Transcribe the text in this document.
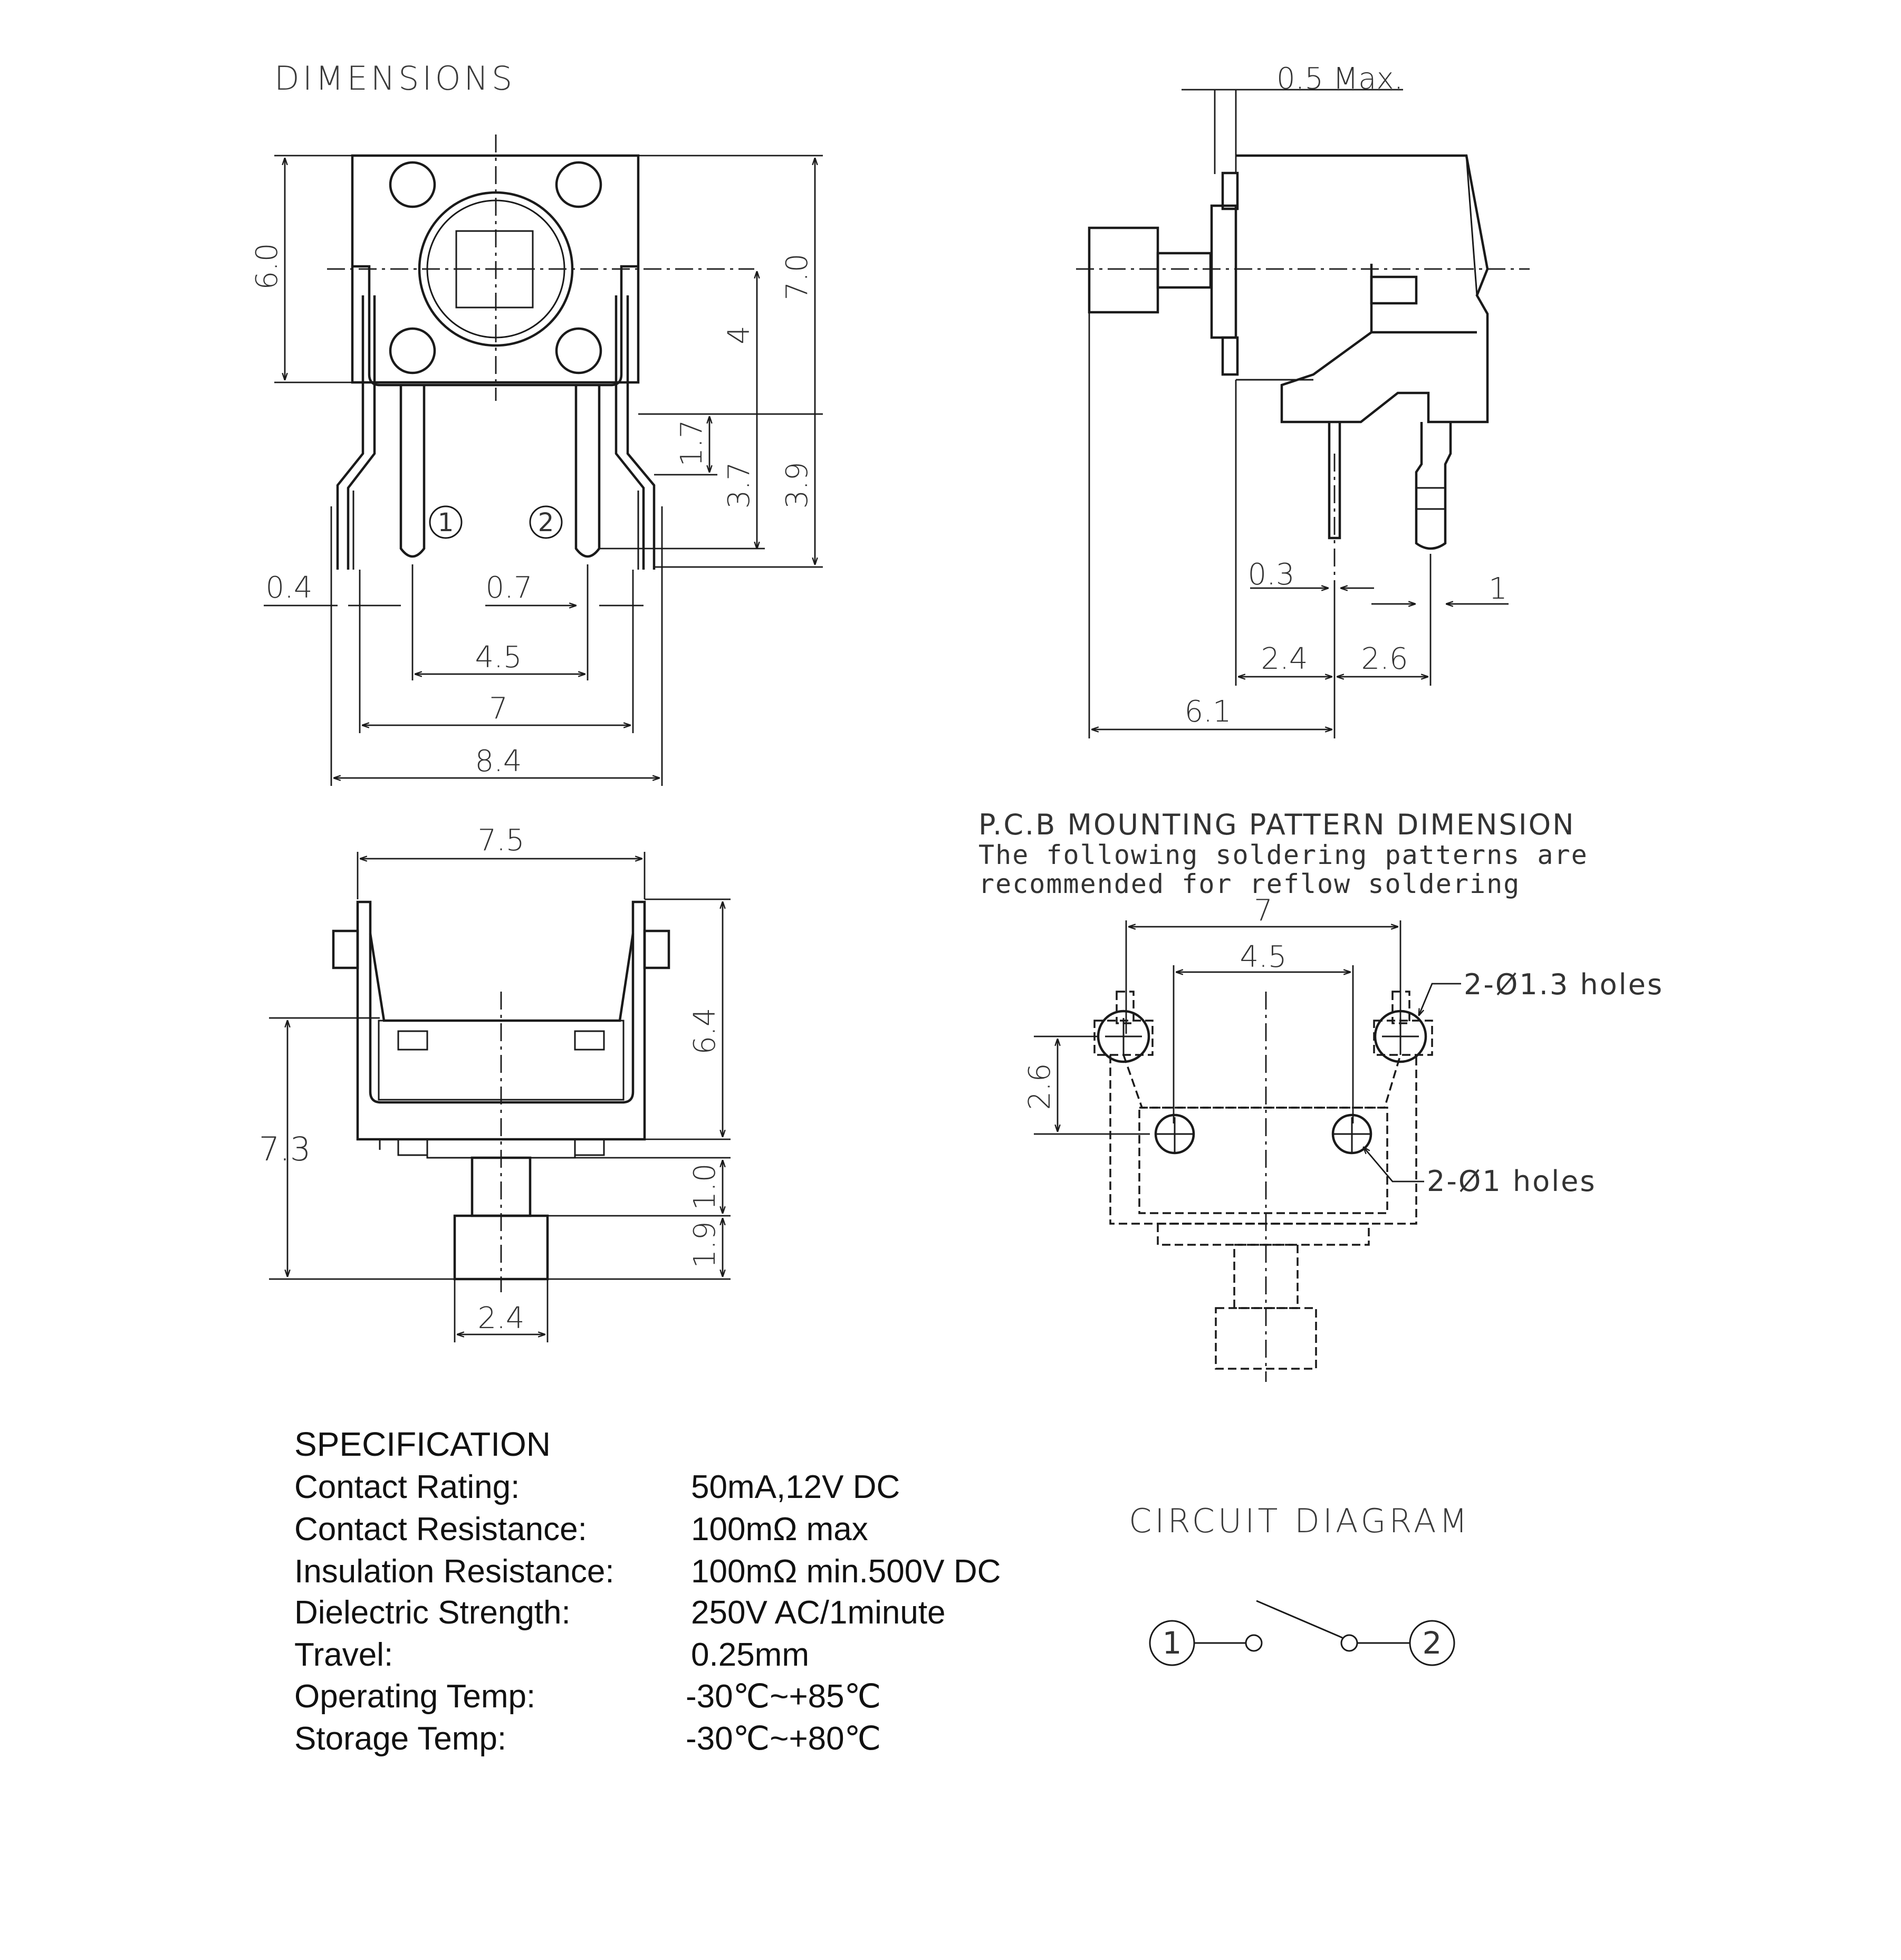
DIMENSIONS
1	2
6.0	7.0
4
1.7
3.7 3.9
0.4	0.7
4.5
7
8.4
0.5 Max.
0.3	1
2.4 2.6
6.1
7.5
6.4
1.0
1.9
7.3
2.4
P.C.B MOUNTING PATTERN DIMENSION
The following soldering patterns are
recommended for reflow soldering
7
4.5
2.6
2-Ø1.3 holes
2-Ø1 holes
SPECIFICATION
Contact Rating:	50mA,12V DC
Contact Resistance:	100mΩ max
Insulation Resistance: 100mΩ min.500V DC
Dielectric Strength:	250V AC/1minute
Travel:	0.25mm
Operating Temp:	-30℃~+85℃
Storage Temp:	-30℃~+80℃
CIRCUIT DIAGRAM
1	2
